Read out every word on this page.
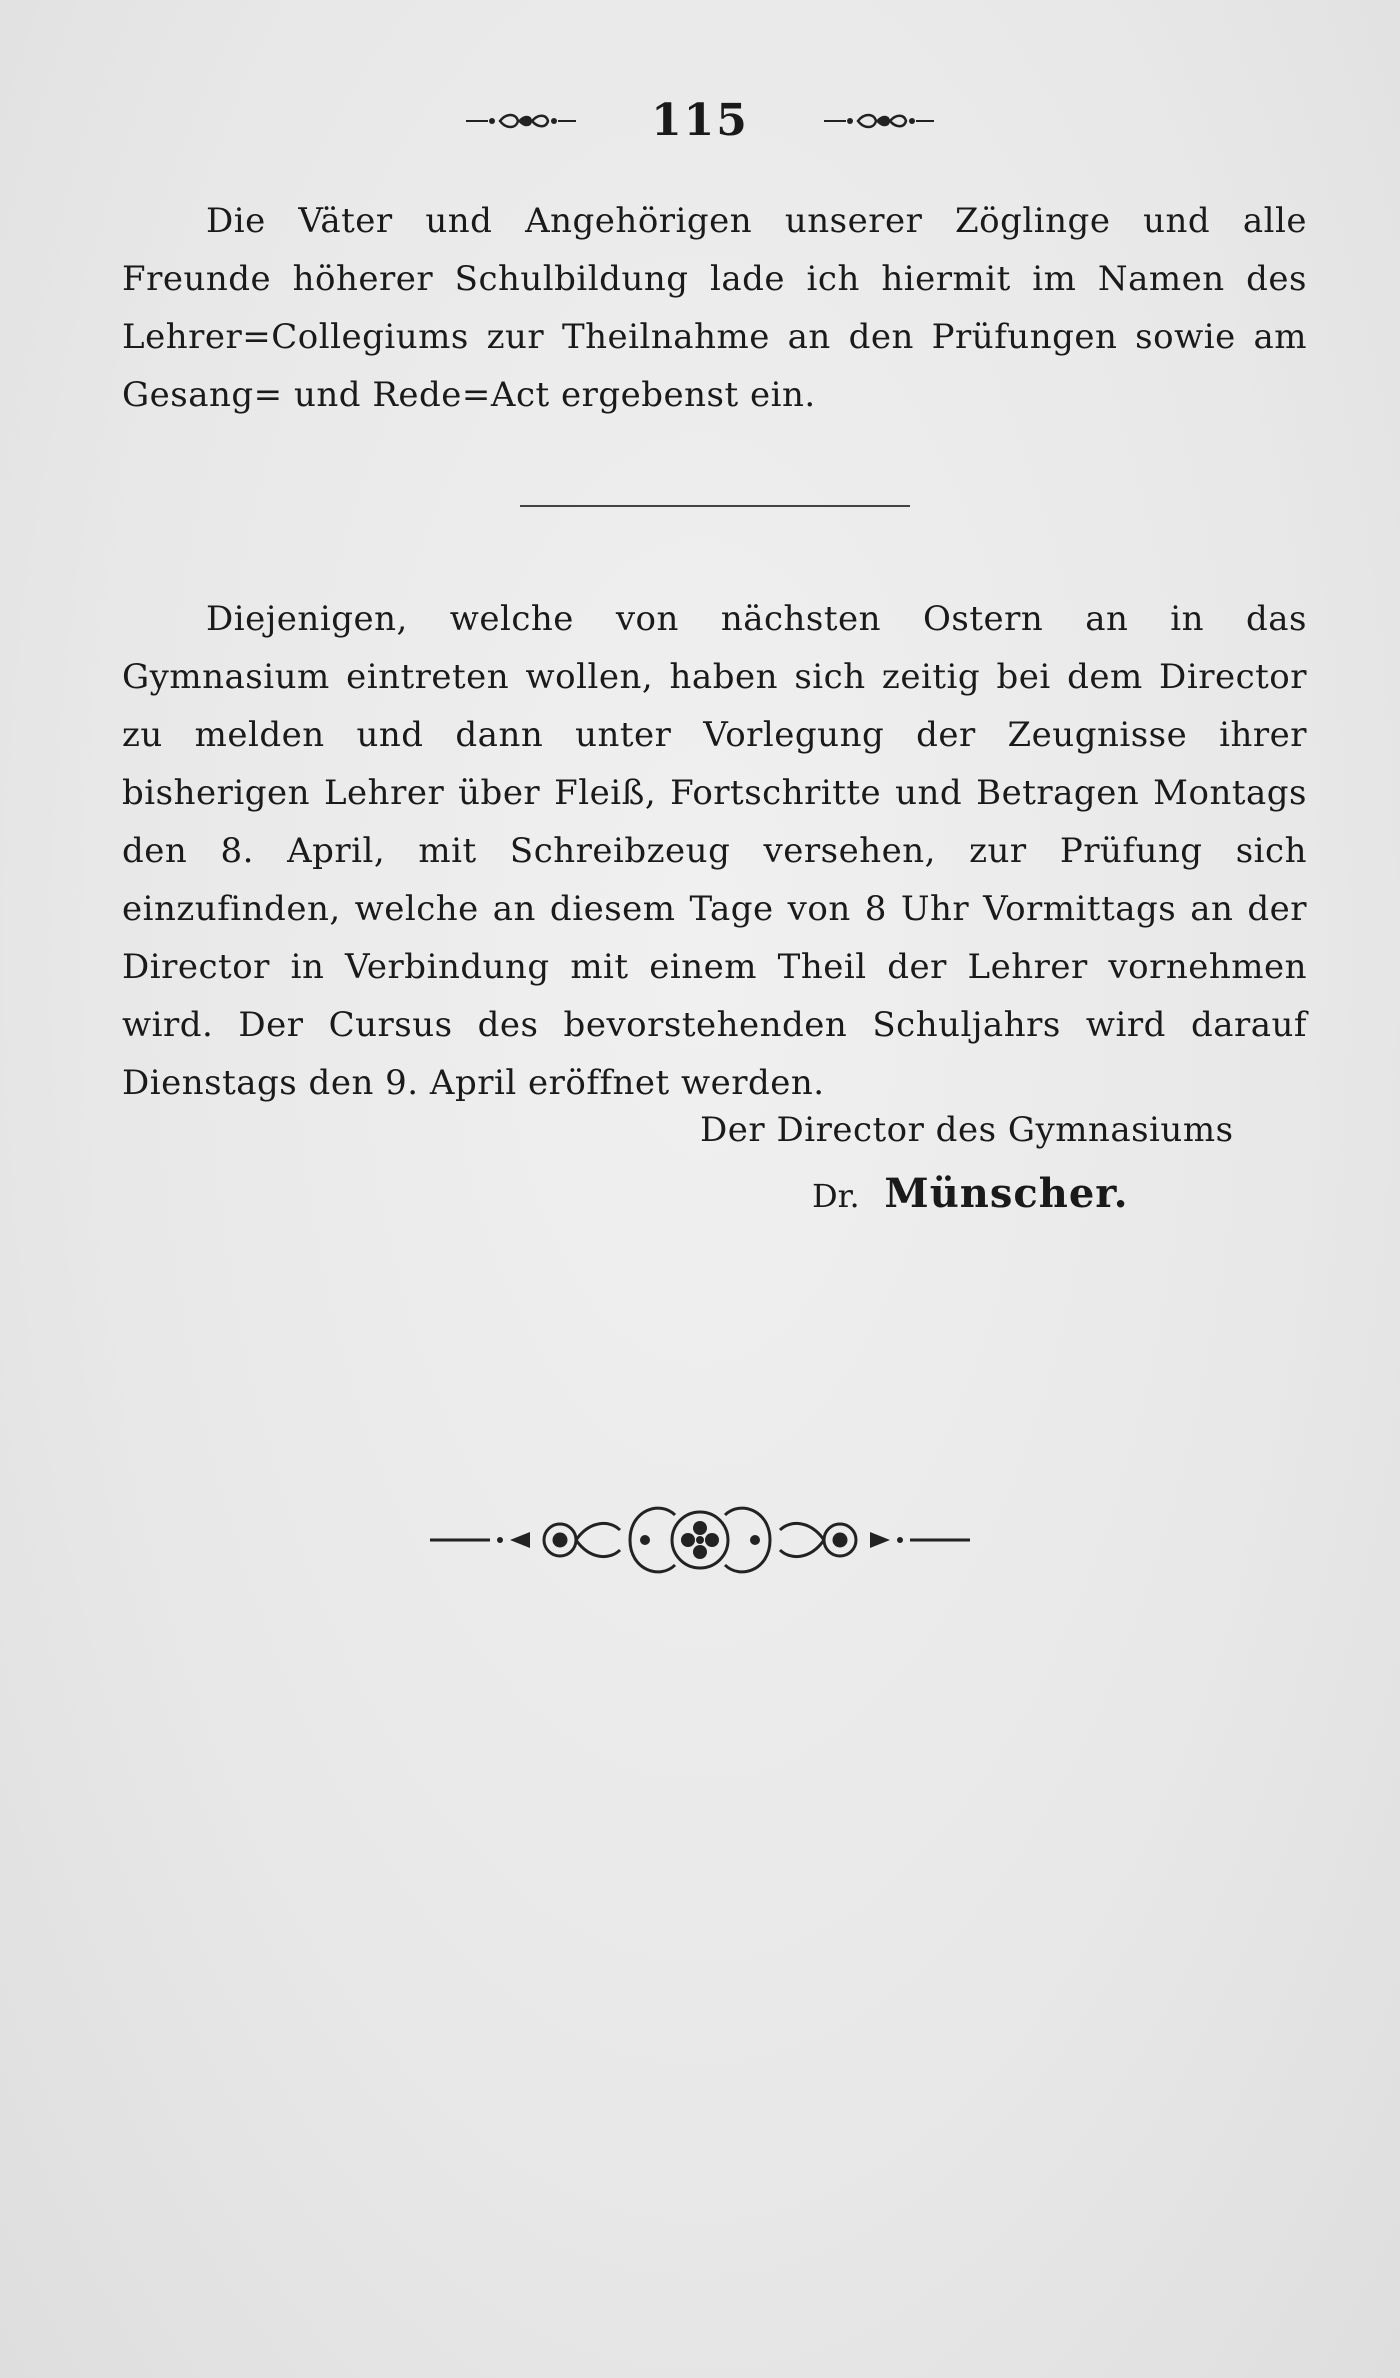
115

Die Väter und Angehörigen unserer Zöglinge und alle Freunde höherer Schulbildung lade ich hiermit im Namen des Lehrer=Collegiums zur Theilnahme an den Prüfungen sowie am Gesang= und Rede=Act ergebenst ein.

Diejenigen, welche von nächsten Ostern an in das Gymnasium eintreten wollen, haben sich zeitig bei dem Director zu melden und dann unter Vorlegung der Zeugnisse ihrer bisherigen Lehrer über Fleiß, Fortschritte und Betragen Montags den 8. April, mit Schreibzeug versehen, zur Prüfung sich einzufinden, welche an diesem Tage von 8 Uhr Vormittags an der Director in Verbindung mit einem Theil der Lehrer vornehmen wird. Der Cursus des bevorstehenden Schuljahrs wird darauf Dienstags den 9. April eröffnet werden.

Der Director des Gymnasiums
Dr. Münscher.
